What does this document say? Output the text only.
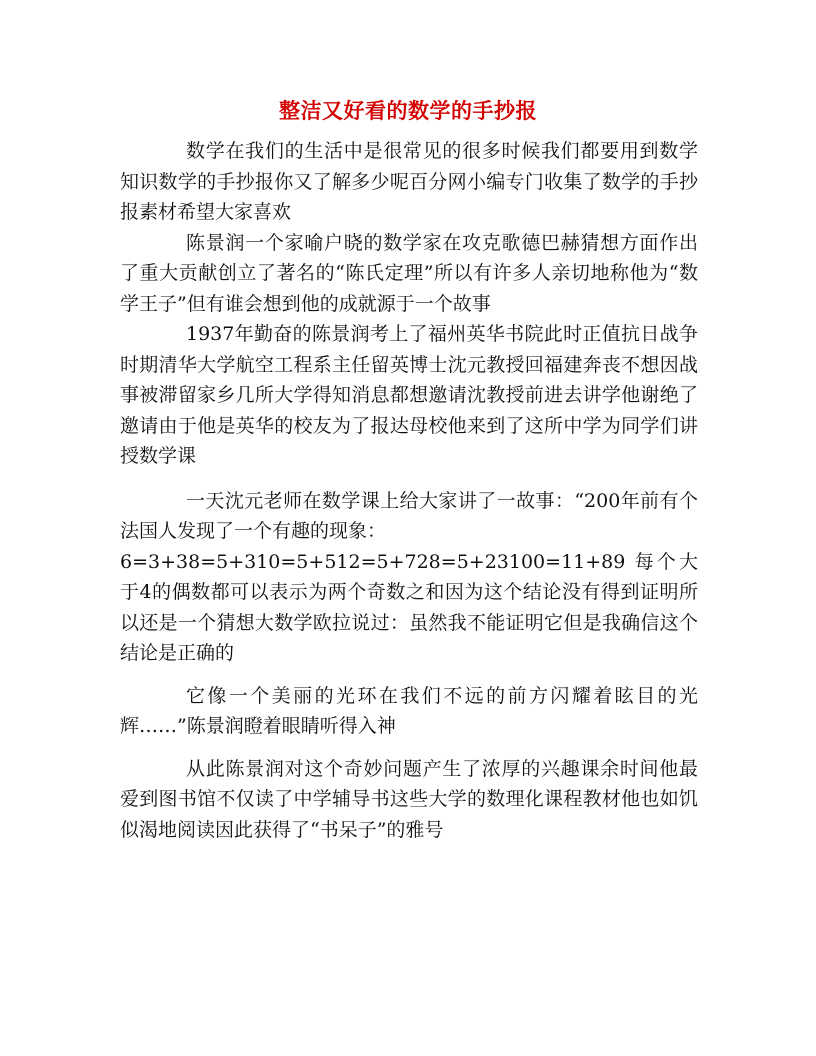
整洁又好看的数学的手抄报

数学在我们的生活中是很常见的很多时候我们都要用到数学知识数学的手抄报你又了解多少呢百分网小编专门收集了数学的手抄报素材希望大家喜欢

陈景润一个家喻户晓的数学家在攻克歌德巴赫猜想方面作出了重大贡献创立了著名的“陈氏定理”所以有许多人亲切地称他为“数学王子”但有谁会想到他的成就源于一个故事

1937年勤奋的陈景润考上了福州英华书院此时正值抗日战争时期清华大学航空工程系主任留英博士沈元教授回福建奔丧不想因战事被滞留家乡几所大学得知消息都想邀请沈教授前进去讲学他谢绝了邀请由于他是英华的校友为了报达母校他来到了这所中学为同学们讲授数学课

一天沈元老师在数学课上给大家讲了一故事：“200年前有个法国人发现了一个有趣的现象：

6=3+38=5+310=5+512=5+728=5+23100=11+89 每个大于4的偶数都可以表示为两个奇数之和因为这个结论没有得到证明所以还是一个猜想大数学欧拉说过：虽然我不能证明它但是我确信这个结论是正确的

它像一个美丽的光环在我们不远的前方闪耀着眩目的光辉……”陈景润瞪着眼睛听得入神

从此陈景润对这个奇妙问题产生了浓厚的兴趣课余时间他最爱到图书馆不仅读了中学辅导书这些大学的数理化课程教材他也如饥似渴地阅读因此获得了“书呆子”的雅号
